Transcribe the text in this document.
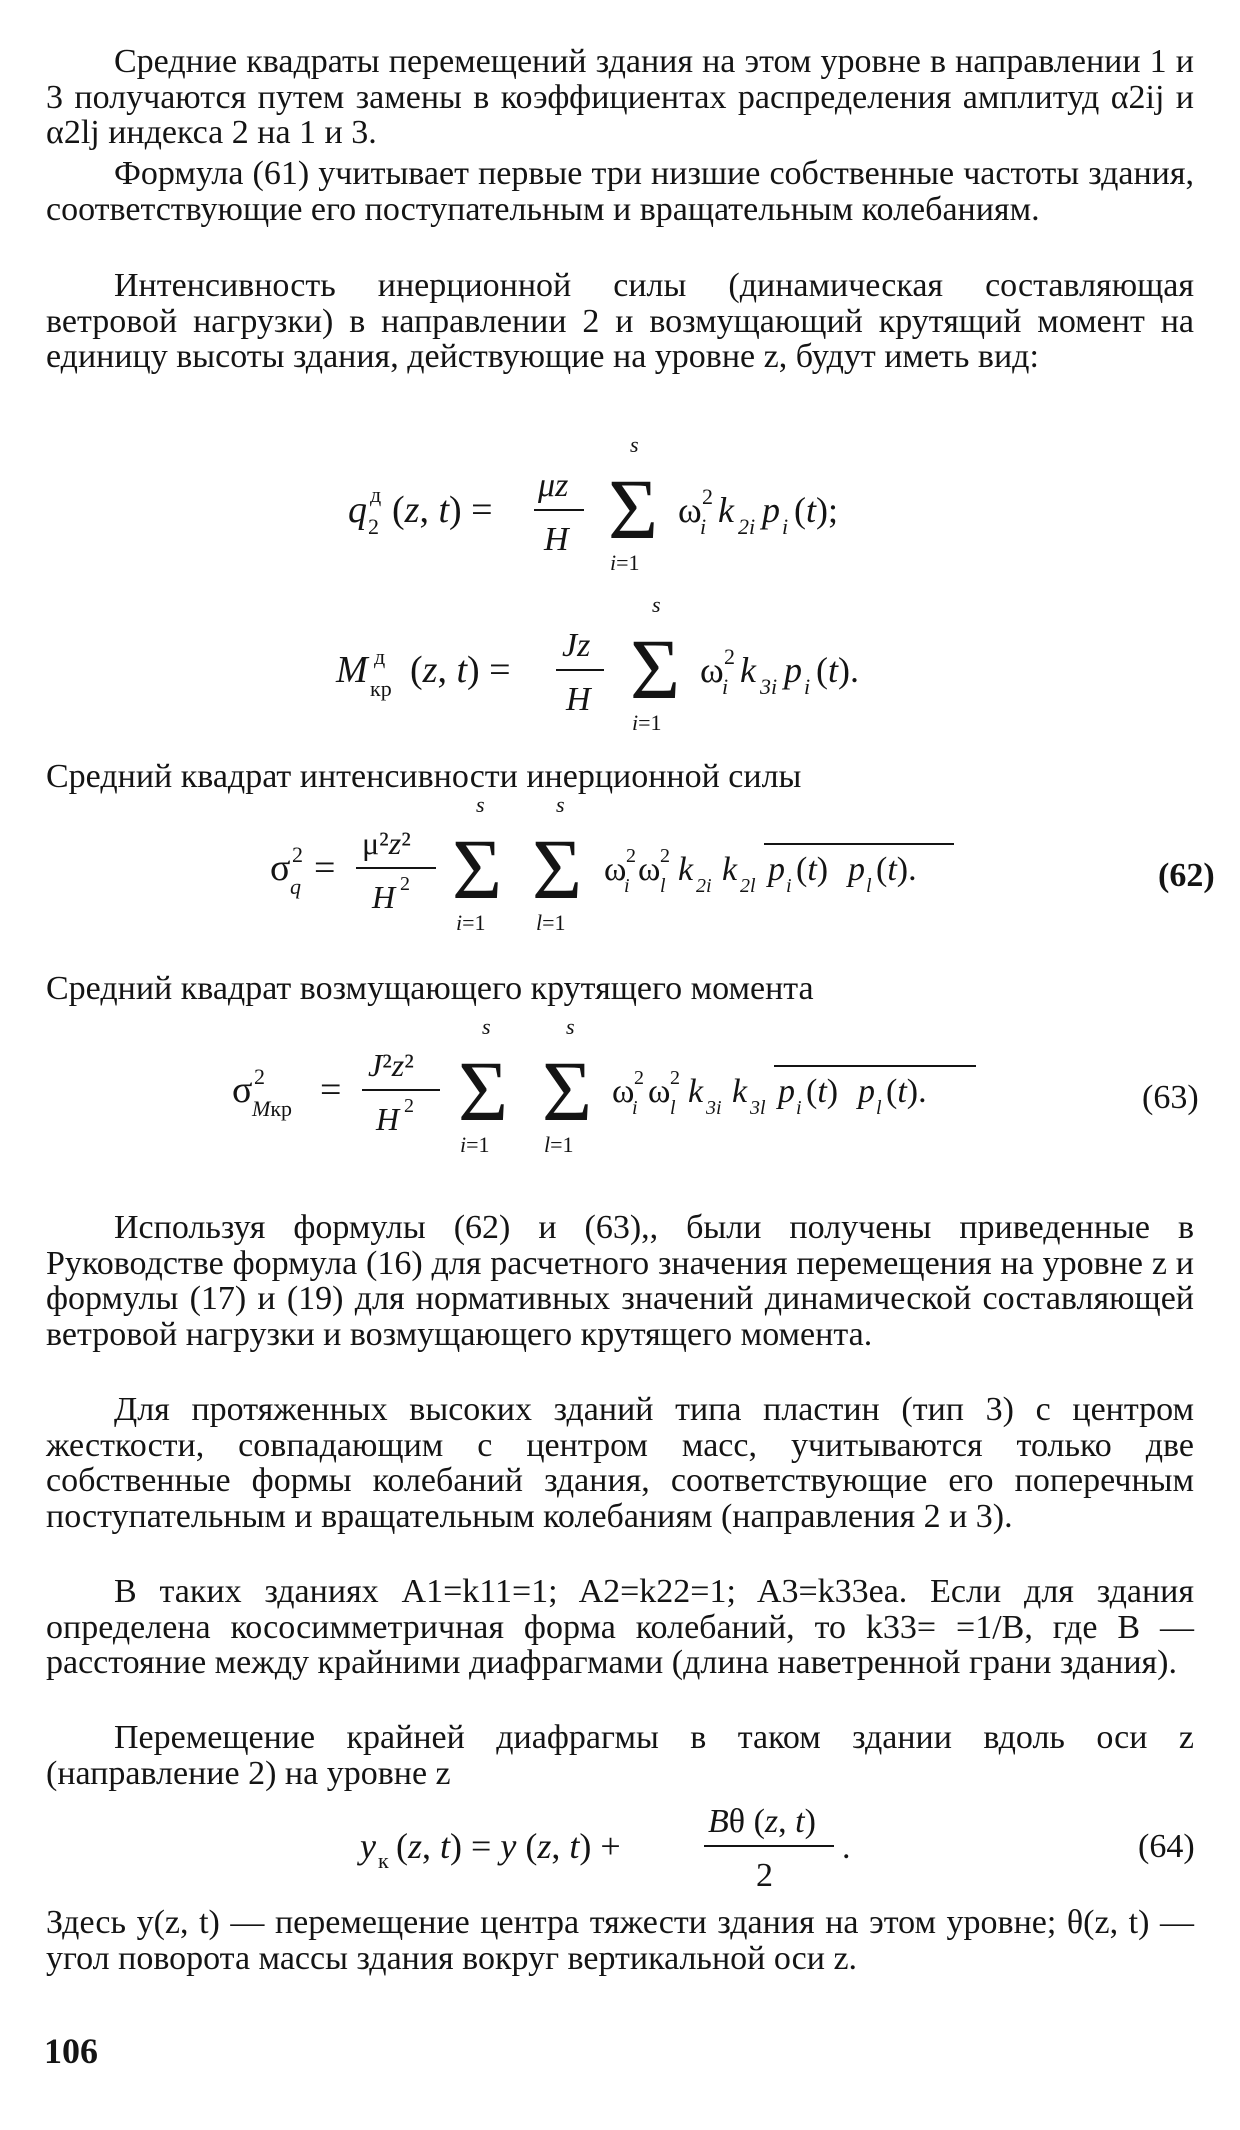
Средние квадраты перемещений здания на этом уровне в направлении 1 и 3 получаются путем замены в коэффициентах распределения амплитуд α2ij и α2lj индекса 2 на 1 и 3.

Формула (61) учитывает первые три низшие собственные частоты здания, соответствующие его поступательным и вращательным колебаниям.

Интенсивность инерционной силы (динамическая составляющая ветровой нагрузки) в направлении 2 и возмущающий крутящий момент на единицу высоты здания, действующие на уровне z, будут иметь вид:

q д
2 (z, t) =
μz
H
s
Σ
i=1
ω 2
i k 2i p i (t);
M д
кр (z, t) =
Jz
H
s
Σ
i=1
ω 2
i k 3i p i (t).

Средний квадрат интенсивности инерционной силы

σ 2
q =
μ²z²
H 2
s
Σ
i=1
s
Σ
l=1
ω 2
i ω 2
l k 2i k 2l p i (t) p l (t).	(62)

Средний квадрат возмущающего крутящего момента

σ 2
Mкр =
J²z²
H 2
s
Σ
i=1
s
Σ
l=1
ω 2
i ω 2
l k 3i k 3l p i (t) p l (t).	(63)

Используя формулы (62) и (63),, были получены приведенные в Руководстве формула (16) для расчетного значения перемещения на уровне z и формулы (17) и (19) для нормативных значений динамической составляющей ветровой нагрузки и возмущающего крутящего момента.

Для протяженных высоких зданий типа пластин (тип 3) с центром жесткости, совпадающим с центром масс, учитываются только две собственные формы колебаний здания, соответствующие его поперечным поступательным и вращательным колебаниям (направления 2 и 3).

В таких зданиях A1=k11=1; A2=k22=1; A3=k33ea. Если для здания определена кососимметричная форма колебаний, то k33= =1/B, где B — расстояние между крайними диафрагмами (длина наветренной грани здания).

Перемещение крайней диафрагмы в таком здании вдоль оси z (направление 2) на уровне z

y к (z, t) = y (z, t) +
Bθ (z, t)
2
.	(64)

Здесь y(z, t) — перемещение центра тяжести здания на этом уровне; θ(z, t) — угол поворота массы здания вокруг вертикальной оси z.

106
